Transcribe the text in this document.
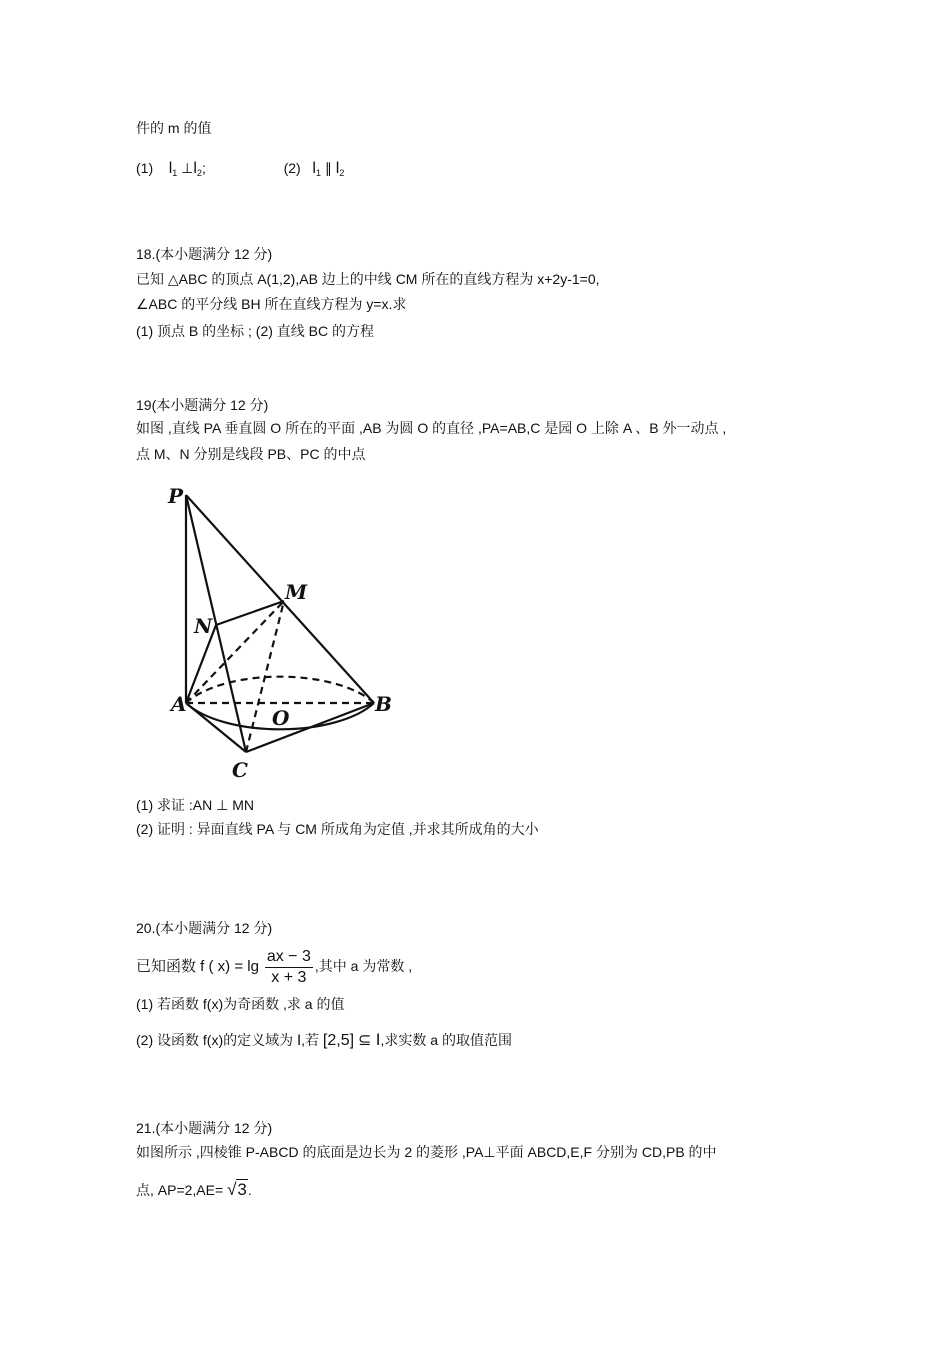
件的 m 的值
(1) $l_1$ $\perp l_2$;	(2) $l_1$ ∥ $l_2$
18.(本小题满分 12 分)
已知 △ABC 的顶点 A(1,2),AB 边上的中线 CM 所在的直线方程为 x+2y-1=0,
∠ABC 的平分线 BH 所在直线方程为 y=x.求
(1) 顶点 B 的坐标 ; (2) 直线 BC 的方程
19(本小题满分 12 分)
如图 ,直线 PA 垂直圆 O 所在的平面 ,AB 为圆 O 的直径 ,PA=AB,C 是园 O 上除 A 、B 外一动点 ,
点 M、N 分别是线段 PB、PC 的中点
P
M
N
A
O
B
C
(1) 求证 :AN ⊥ MN
(2) 证明 : 异面直线 PA 与 CM 所成角为定值 ,并求其所成角的大小
20.(本小题满分 12 分)
已知函数 f ( $x) = \lg \frac{ax - 3}{x + 3}$ ,其中 a 为常数 ,
(1) 若函数 f(x)为奇函数 ,求 a 的值
(2) 设函数 f(x)的定义域为 Ⅰ,若 [2,5] ⊆ Ⅰ,求实数 a 的取值范围
21.(本小题满分 12 分)
如图所示 ,四棱锥 P-ABCD 的底面是边长为 2 的菱形 ,PA⊥平面 ABCD,E,F 分别为 CD,PB 的中
点, AP=2,AE= √3.
